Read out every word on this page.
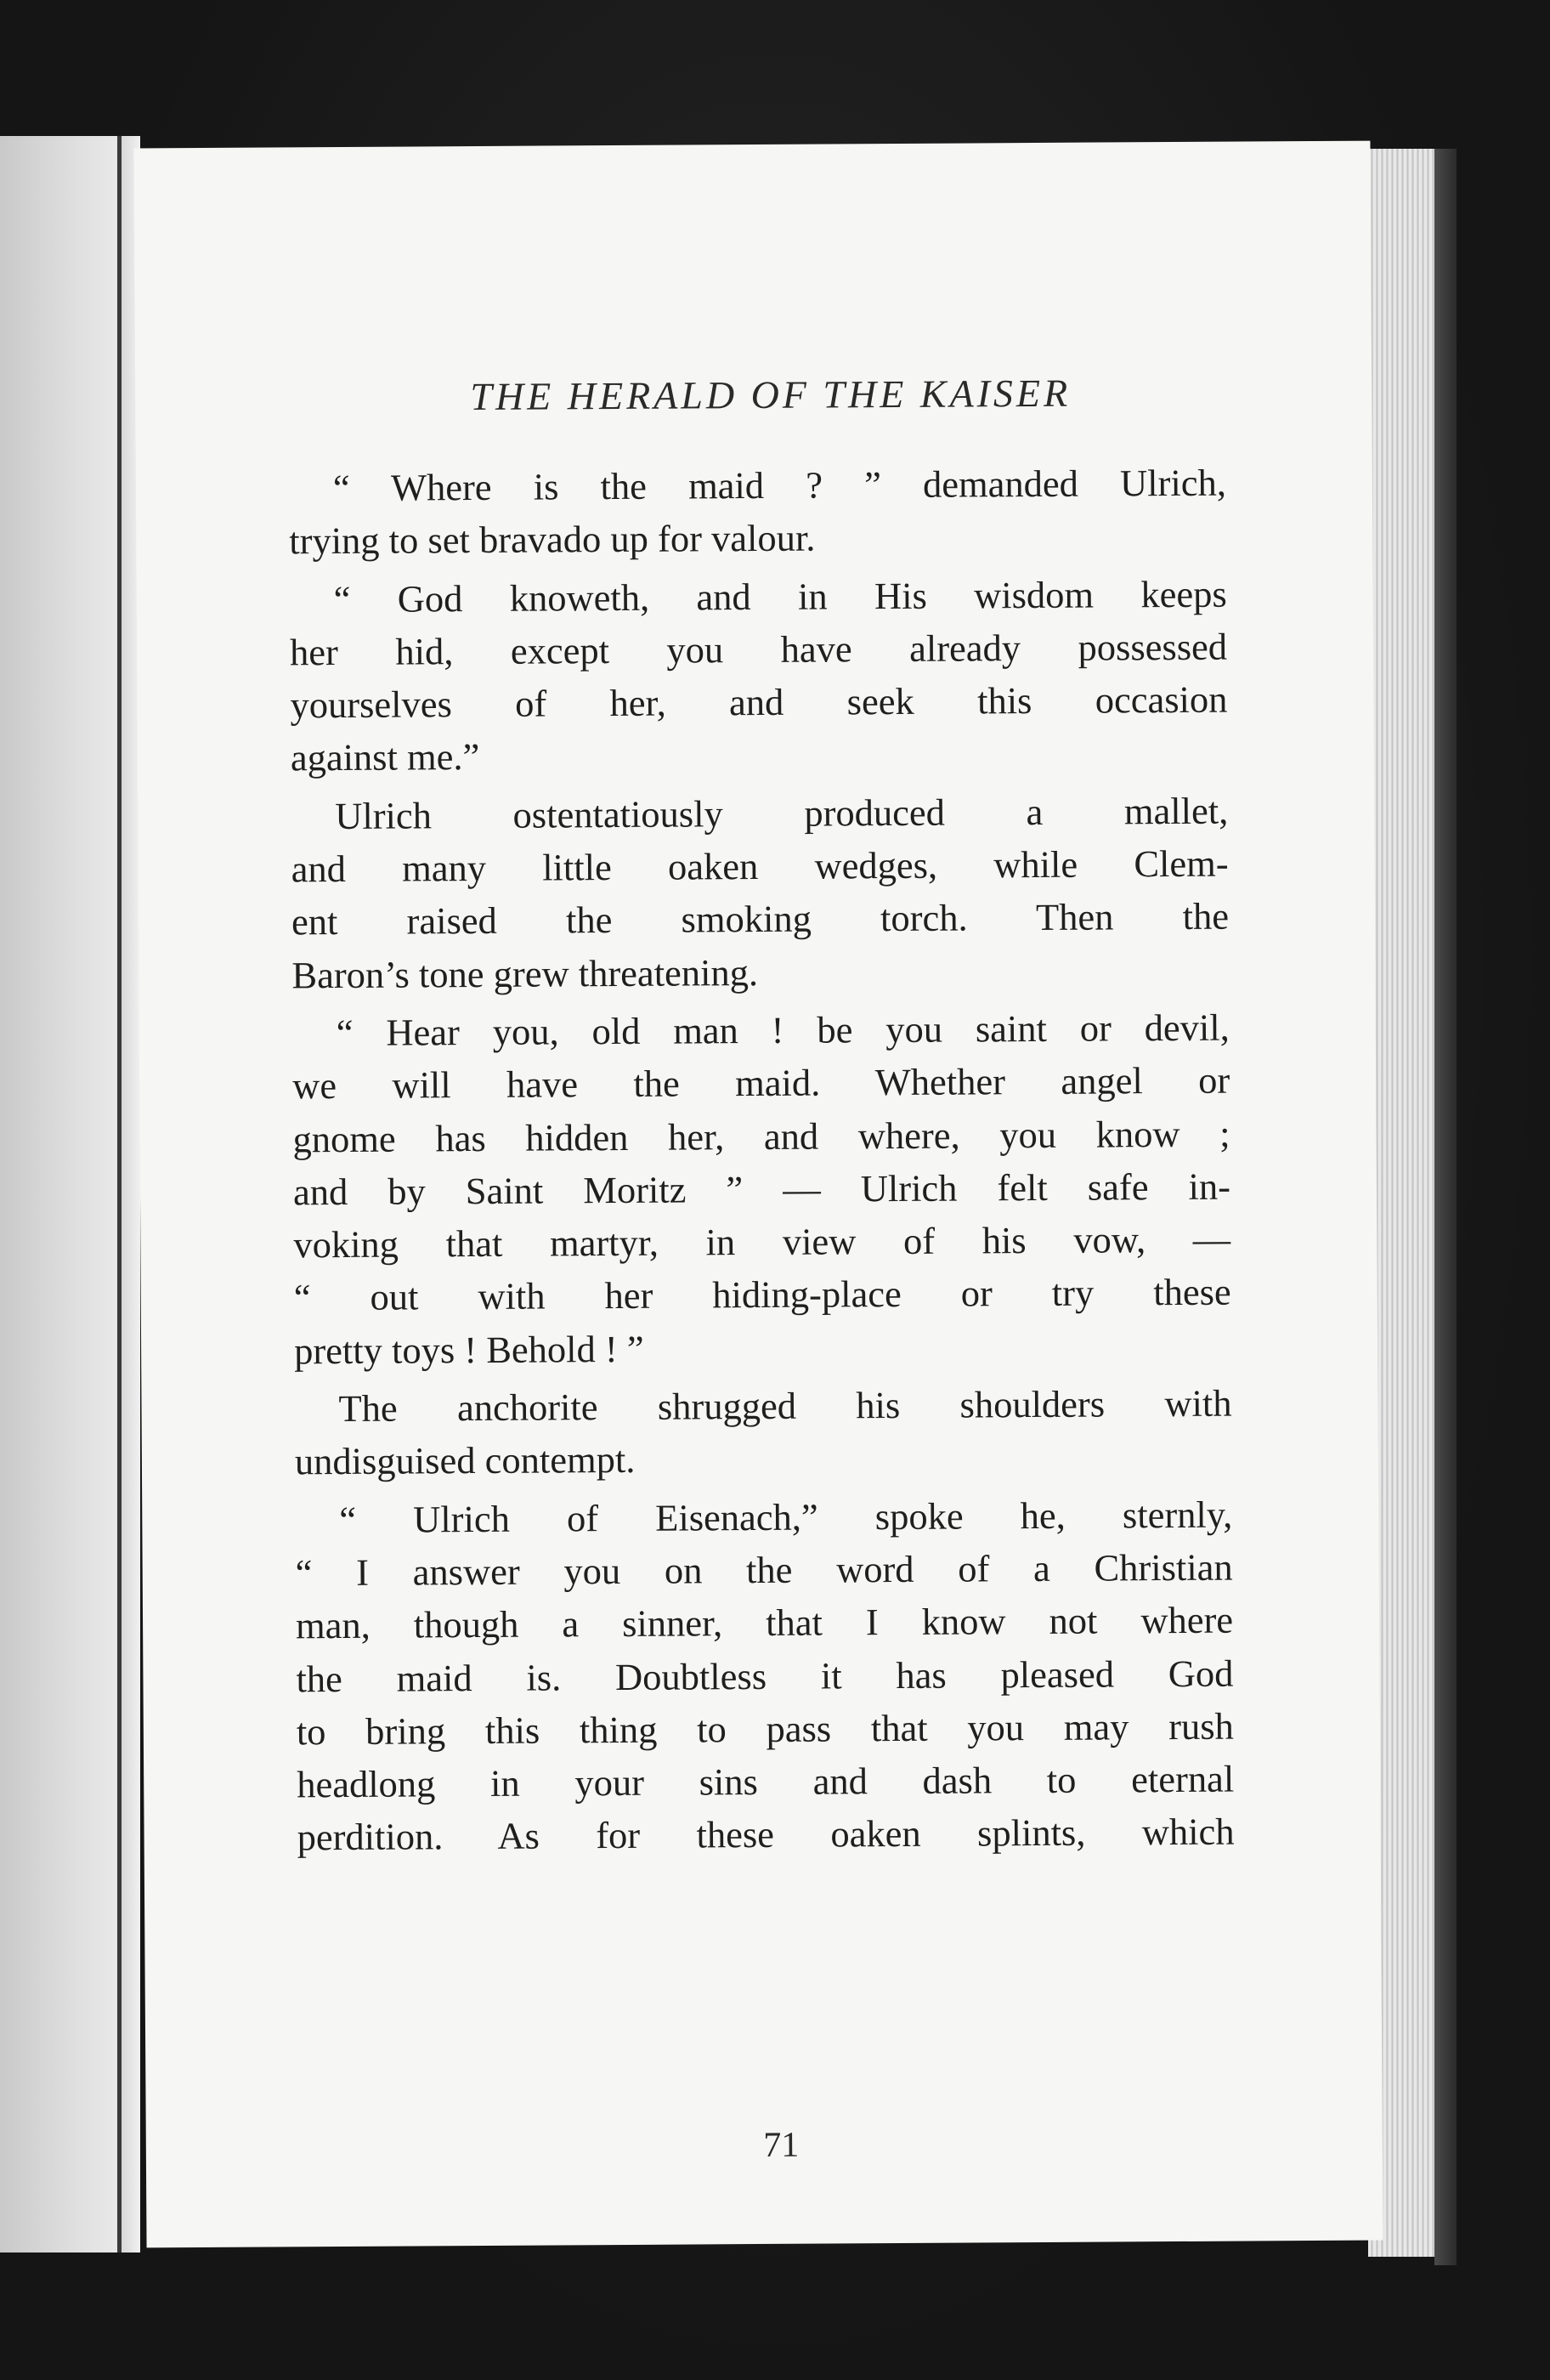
THE HERALD OF THE KAISER
“ Where is the maid ? ” demanded Ulrich,
trying to set bravado up for valour.
“ God knoweth, and in His wisdom keeps
her hid, except you have already possessed
yourselves of her, and seek this occasion
against me.”
Ulrich ostentatiously produced a mallet,
and many little oaken wedges, while Clem-
ent raised the smoking torch. Then the
Baron’s tone grew threatening.
“ Hear you, old man ! be you saint or devil,
we will have the maid. Whether angel or
gnome has hidden her, and where, you know ;
and by Saint Moritz ” — Ulrich felt safe in-
voking that martyr, in view of his vow, —
“ out with her hiding-place or try these
pretty toys ! Behold ! ”
The anchorite shrugged his shoulders with
undisguised contempt.
“ Ulrich of Eisenach,” spoke he, sternly,
“ I answer you on the word of a Christian
man, though a sinner, that I know not where
the maid is. Doubtless it has pleased God
to bring this thing to pass that you may rush
headlong in your sins and dash to eternal
perdition. As for these oaken splints, which
71
